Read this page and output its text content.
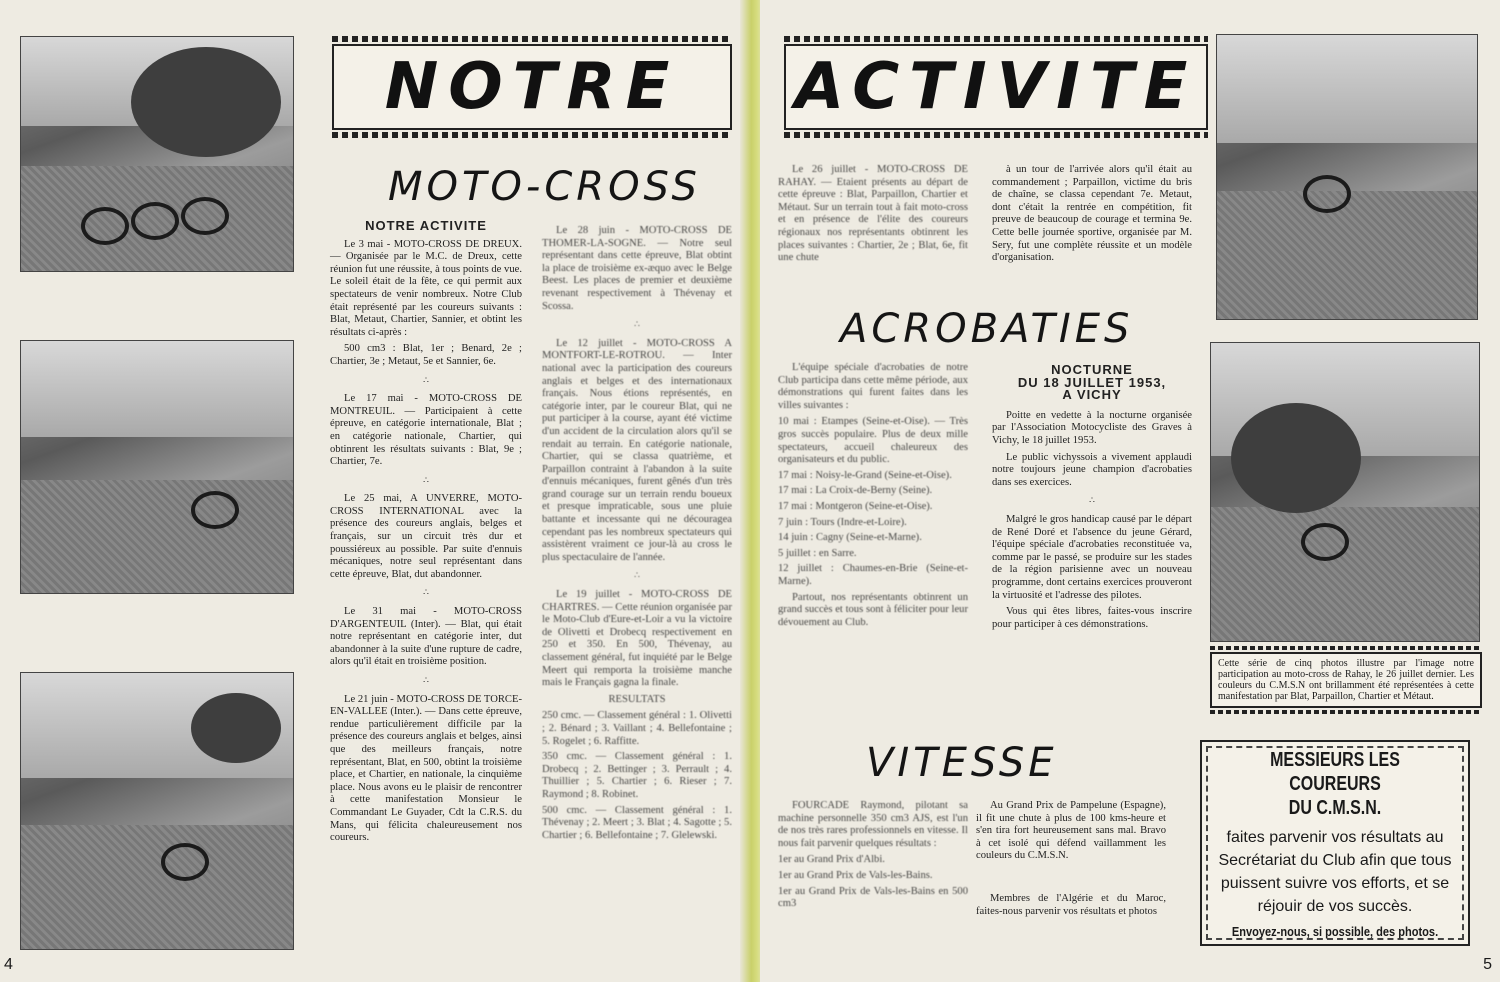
NOTRE
MOTO-CROSS

NOTRE ACTIVITE

Le 3 mai - MOTO-CROSS DE DREUX. — Organisée par le M.C. de Dreux, cette réunion fut une réussite, à tous points de vue. Le soleil était de la fête, ce qui permit aux spectateurs de venir nombreux. Notre Club était représenté par les coureurs suivants : Blat, Metaut, Chartier, Sannier, et obtint les résultats ci-après :

500 cm3 : Blat, 1er ; Benard, 2e ; Chartier, 3e ; Metaut, 5e et Sannier, 6e.

∴

Le 17 mai - MOTO-CROSS DE MONTREUIL. — Participaient à cette épreuve, en catégorie internationale, Blat ; en catégorie nationale, Chartier, qui obtinrent les résultats suivants : Blat, 9e ; Chartier, 7e.

∴

Le 25 mai, A UNVERRE, MOTO-CROSS INTERNATIONAL avec la présence des coureurs anglais, belges et français, sur un circuit très dur et poussiéreux au possible. Par suite d'ennuis mécaniques, notre seul représentant dans cette épreuve, Blat, dut abandonner.

∴

Le 31 mai - MOTO-CROSS D'ARGENTEUIL (Inter). — Blat, qui était notre représentant en catégorie inter, dut abandonner à la suite d'une rupture de cadre, alors qu'il était en troisième position.

∴

Le 21 juin - MOTO-CROSS DE TORCE-EN-VALLEE (Inter.). — Dans cette épreuve, rendue particulièrement difficile par la présence des coureurs anglais et belges, ainsi que des meilleurs français, notre représentant, Blat, en 500, obtint la troisième place, et Chartier, en nationale, la cinquième place. Nous avons eu le plaisir de rencontrer à cette manifestation Monsieur le Commandant Le Guyader, Cdt la C.R.S. du Mans, qui félicita chaleureusement nos coureurs.

Le 28 juin - MOTO-CROSS DE THOMER-LA-SOGNE. — Notre seul représentant dans cette épreuve, Blat obtint la place de troisième ex-æquo avec le Belge Beest. Les places de premier et deuxième revenant respectivement à Thévenay et Scossa.

∴

Le 12 juillet - MOTO-CROSS A MONTFORT-LE-ROTROU. — Inter national avec la participation des coureurs anglais et belges et des internationaux français. Nous étions représentés, en catégorie inter, par le coureur Blat, qui ne put participer à la course, ayant été victime d'un accident de la circulation alors qu'il se rendait au terrain. En catégorie nationale, Chartier, qui se classa quatrième, et Parpaillon contraint à l'abandon à la suite d'ennuis mécaniques, furent gênés d'un très grand courage sur un terrain rendu boueux et presque impraticable, sous une pluie battante et incessante qui ne découragea cependant pas les nombreux spectateurs qui assistèrent vraiment ce jour-là au cross le plus spectaculaire de l'année.

∴

Le 19 juillet - MOTO-CROSS DE CHARTRES. — Cette réunion organisée par le Moto-Club d'Eure-et-Loir a vu la victoire de Olivetti et Drobecq respectivement en 250 et 350. En 500, Thévenay, au classement général, fut inquiété par le Belge Meert qui remporta la troisième manche mais le Français gagna la finale.

RESULTATS

250 cmc. — Classement général : 1. Olivetti ; 2. Bénard ; 3. Vaillant ; 4. Bellefontaine ; 5. Rogelet ; 6. Raffitte.

350 cmc. — Classement général : 1. Drobecq ; 2. Bettinger ; 3. Perrault ; 4. Thuillier ; 5. Chartier ; 6. Rieser ; 7. Raymond ; 8. Robinet.

500 cmc. — Classement général : 1. Thévenay ; 2. Meert ; 3. Blat ; 4. Sagotte ; 5. Chartier ; 6. Bellefontaine ; 7. Glelewski.

4
ACTIVITE

Le 26 juillet - MOTO-CROSS DE RAHAY. — Etaient présents au départ de cette épreuve : Blat, Parpaillon, Chartier et Métaut. Sur un terrain tout à fait moto-cross et en présence de l'élite des coureurs régionaux nos représentants obtinrent les places suivantes : Chartier, 2e ; Blat, 6e, fit une chute

à un tour de l'arrivée alors qu'il était au commandement ; Parpaillon, victime du bris de chaîne, se classa cependant 7e. Metaut, dont c'était la rentrée en compétition, fit preuve de beaucoup de courage et termina 9e. Cette belle journée sportive, organisée par M. Sery, fut une complète réussite et un modèle d'organisation.

ACROBATIES

L'équipe spéciale d'acrobaties de notre Club participa dans cette même période, aux démonstrations qui furent faites dans les villes suivantes :

10 mai : Etampes (Seine-et-Oise). — Très gros succès populaire. Plus de deux mille spectateurs, accueil chaleureux des organisateurs et du public.

17 mai : Noisy-le-Grand (Seine-et-Oise).

17 mai : La Croix-de-Berny (Seine).

17 mai : Montgeron (Seine-et-Oise).

7 juin : Tours (Indre-et-Loire).

14 juin : Cagny (Seine-et-Marne).

5 juillet : en Sarre.

12 juillet : Chaumes-en-Brie (Seine-et-Marne).

Partout, nos représentants obtinrent un grand succès et tous sont à féliciter pour leur dévouement au Club.

NOCTURNE
DU 18 JUILLET 1953,
A VICHY

Poitte en vedette à la nocturne organisée par l'Association Motocycliste des Graves à Vichy, le 18 juillet 1953.

Le public vichyssois a vivement applaudi notre toujours jeune champion d'acrobaties dans ses exercices.

∴

Malgré le gros handicap causé par le départ de René Doré et l'absence du jeune Gérard, l'équipe spéciale d'acrobaties reconstituée va, comme par le passé, se produire sur les stades de la région parisienne avec un nouveau programme, dont certains exercices prouveront la virtuosité et l'adresse des pilotes.

Vous qui êtes libres, faites-vous inscrire pour participer à ces démonstrations.

VITESSE

FOURCADE Raymond, pilotant sa machine personnelle 350 cm3 AJS, est l'un de nos très rares professionnels en vitesse. Il nous fait parvenir quelques résultats :

1er au Grand Prix d'Albi.

1er au Grand Prix de Vals-les-Bains.

1er au Grand Prix de Vals-les-Bains en 500 cm3

Au Grand Prix de Pampelune (Espagne), il fit une chute à plus de 100 kms-heure et s'en tira fort heureusement sans mal. Bravo à cet isolé qui défend vaillamment les couleurs du C.M.S.N.

Membres de l'Algérie et du Maroc, faites-nous parvenir vos résultats et photos

Cette série de cinq photos illustre par l'image notre participation au moto-cross de Rahay, le 26 juillet dernier. Les couleurs du C.M.S.N ont brillamment été représentées à cette manifestation par Blat, Parpaillon, Chartier et Métaut.
MESSIEURS LES COUREURS
DU C.M.S.N.
faites parvenir vos résultats au Secrétariat du Club afin que tous puissent suivre vos efforts, et se réjouir de vos succès.
Envoyez-nous, si possible, des photos.
5
